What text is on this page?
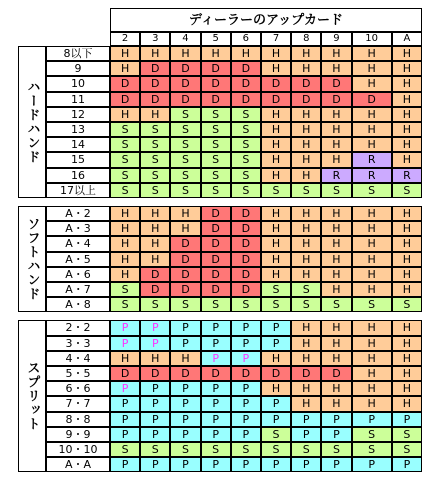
ディーラーのアップカード
2	3	4	5	6	7	8	9	10	A
ハードハンド
8以下	H	H	H	H	H	H	H	H	H	H
9	H	D	D	D	D	H	H	H	H	H
10	D	D	D	D	D	D	D	D	H	H
11	D	D	D	D	D	D	D	D	D	H
12	H	H	S	S	S	H	H	H	H	H
13	S	S	S	S	S	H	H	H	H	H
14	S	S	S	S	S	H	H	H	H	H
15	S	S	S	S	S	H	H	H	R	H
16	S	S	S	S	S	H	H	R	R	R
17以上	S	S	S	S	S	S	S	S	S	S
ソフトハンド
A・2	H	H	H	D	D	H	H	H	H	H
A・3	H	H	H	D	D	H	H	H	H	H
A・4	H	H	D	D	D	H	H	H	H	H
A・5	H	H	D	D	D	H	H	H	H	H
A・6	H	D	D	D	D	H	H	H	H	H
A・7	S	D	D	D	D	S	S	H	H	H
A・8	S	S	S	S	S	S	S	S	S	S
スプリット
2・2	P	P	P	P	P	P	H	H	H	H
3・3	P	P	P	P	P	P	H	H	H	H
4・4	H	H	H	P	P	H	H	H	H	H
5・5	D	D	D	D	D	D	D	D	H	H
6・6	P	P	P	P	P	H	H	H	H	H
7・7	P	P	P	P	P	P	H	H	H	H
8・8	P	P	P	P	P	P	P	P	P	P
9・9	P	P	P	P	P	S	P	P	S	S
10・10	S	S	S	S	S	S	S	S	S	S
A・A	P	P	P	P	P	P	P	P	P	P
